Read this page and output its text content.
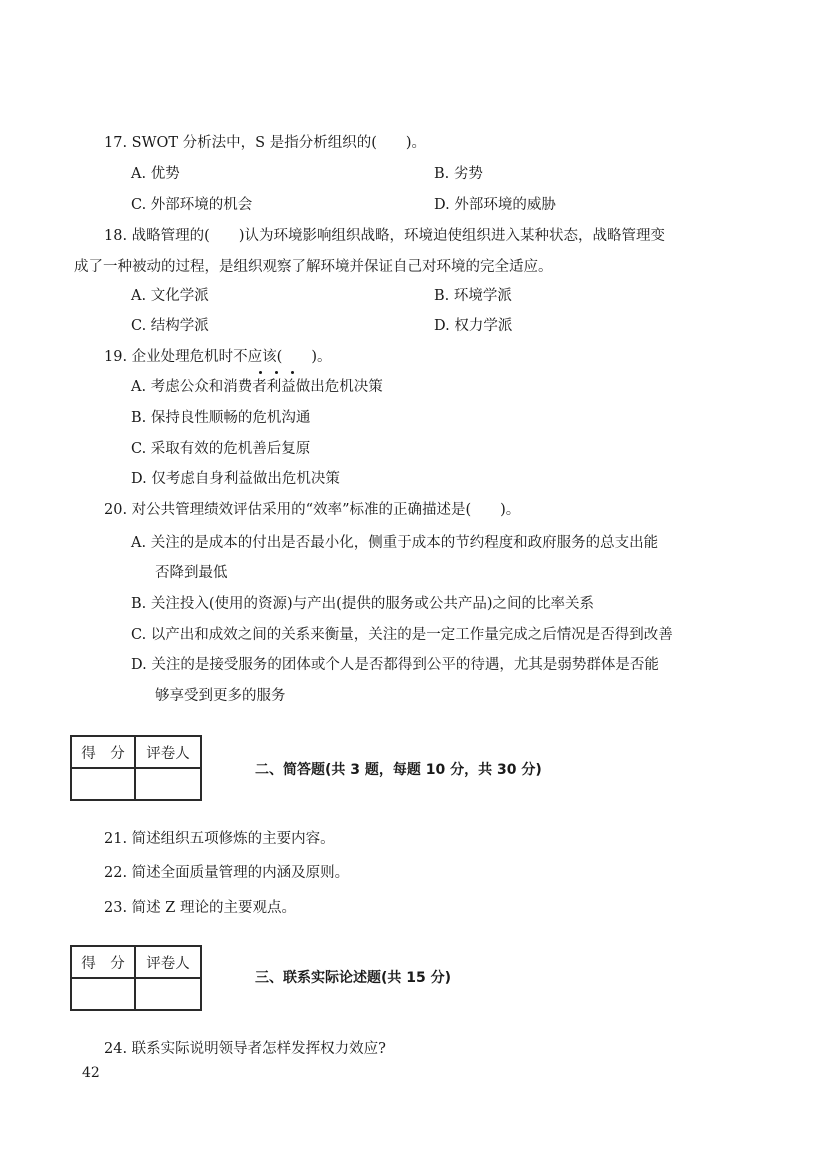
17. SWOT 分析法中，S 是指分析组织的(　　)。
A. 优势	B. 劣势
C. 外部环境的机会	D. 外部环境的威胁
18. 战略管理的(　　)认为环境影响组织战略，环境迫使组织进入某种状态，战略管理变
成了一种被动的过程，是组织观察了解环境并保证自己对环境的完全适应。
A. 文化学派	B. 环境学派
C. 结构学派	D. 权力学派
19. 企业处理危机时不应该(　　)。
A. 考虑公众和消费者利益做出危机决策
B. 保持良性顺畅的危机沟通
C. 采取有效的危机善后复原
D. 仅考虑自身利益做出危机决策
20. 对公共管理绩效评估采用的“效率”标准的正确描述是(　　)。
A. 关注的是成本的付出是否最小化，侧重于成本的节约程度和政府服务的总支出能
否降到最低
B. 关注投入(使用的资源)与产出(提供的服务或公共产品)之间的比率关系
C. 以产出和成效之间的关系来衡量，关注的是一定工作量完成之后情况是否得到改善
D. 关注的是接受服务的团体或个人是否都得到公平的待遇，尤其是弱势群体是否能
够享受到更多的服务
得　分	评卷人

二、简答题(共 3 题，每题 10 分，共 30 分)
21. 简述组织五项修炼的主要内容。
22. 简述全面质量管理的内涵及原则。
23. 简述 Z 理论的主要观点。
得　分	评卷人

三、联系实际论述题(共 15 分)
24. 联系实际说明领导者怎样发挥权力效应?
42
